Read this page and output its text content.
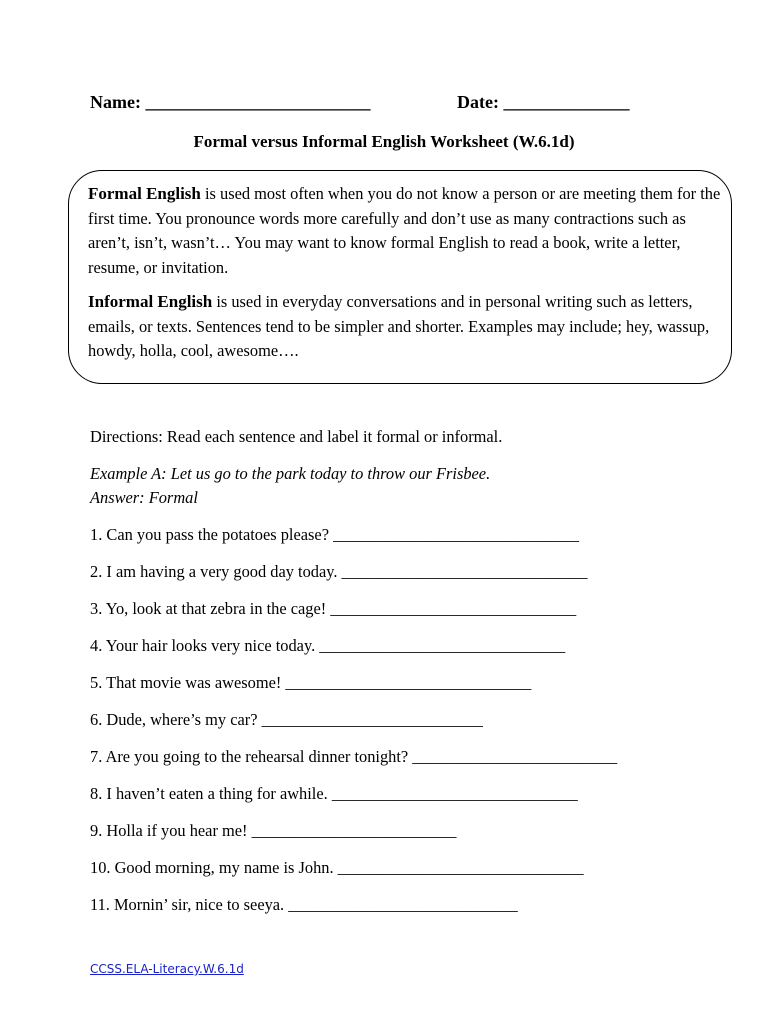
Name: _________________________	Date: ______________
Formal versus Informal English Worksheet (W.6.1d)
Formal English is used most often when you do not know a person or are meeting them for the first time. You pronounce words more carefully and don’t use as many contractions such as aren’t, isn’t, wasn’t… You may want to know formal English to read a book, write a letter, resume, or invitation.
Informal English is used in everyday conversations and in personal writing such as letters, emails, or texts. Sentences tend to be simpler and shorter. Examples may include; hey, wassup, howdy, holla, cool, awesome….
Directions: Read each sentence and label it formal or informal.
Example A: Let us go to the park today to throw our Frisbee.
Answer: Formal
1. Can you pass the potatoes please? ______________________________
2. I am having a very good day today. ______________________________
3. Yo, look at that zebra in the cage! ______________________________
4. Your hair looks very nice today. ______________________________
5. That movie was awesome! ______________________________
6. Dude, where’s my car? ___________________________
7. Are you going to the rehearsal dinner tonight? _________________________
8. I haven’t eaten a thing for awhile. ______________________________
9. Holla if you hear me! _________________________
10. Good morning, my name is John. ______________________________
11. Mornin’ sir, nice to seeya. ____________________________
CCSS.ELA-Literacy.W.6.1d
